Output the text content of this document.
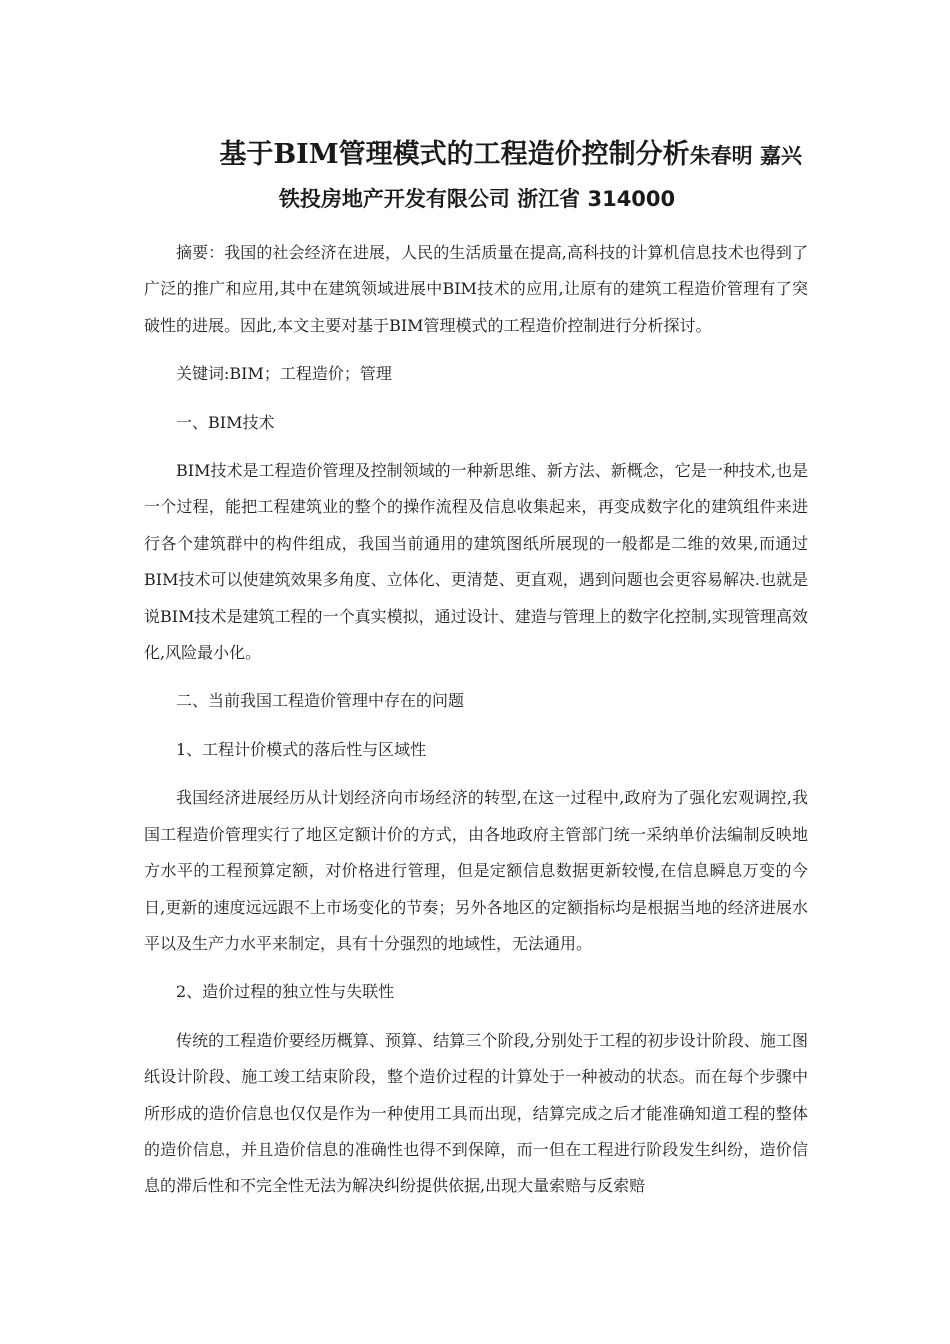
基于BIM管理模式的工程造价控制分析朱春明 嘉兴
铁投房地产开发有限公司 浙江省 314000

摘要：我国的社会经济在进展，人民的生活质量在提高,高科技的计算机信息技术也得到了广泛的推广和应用,其中在建筑领域进展中BIM技术的应用,让原有的建筑工程造价管理有了突破性的进展。因此,本文主要对基于BIM管理模式的工程造价控制进行分析探讨。

关键词:BIM；工程造价；管理

一、BIM技术

BIM技术是工程造价管理及控制领域的一种新思维、新方法、新概念，它是一种技术,也是一个过程，能把工程建筑业的整个的操作流程及信息收集起来，再变成数字化的建筑组件来进行各个建筑群中的构件组成，我国当前通用的建筑图纸所展现的一般都是二维的效果,而通过BIM技术可以使建筑效果多角度、立体化、更清楚、更直观，遇到问题也会更容易解决.也就是说BIM技术是建筑工程的一个真实模拟，通过设计、建造与管理上的数字化控制,实现管理高效化,风险最小化。

二、当前我国工程造价管理中存在的问题

1、工程计价模式的落后性与区域性

我国经济进展经历从计划经济向市场经济的转型,在这一过程中,政府为了强化宏观调控,我国工程造价管理实行了地区定额计价的方式，由各地政府主管部门统一采纳单价法编制反映地方水平的工程预算定额，对价格进行管理，但是定额信息数据更新较慢,在信息瞬息万变的今日,更新的速度远远跟不上市场变化的节奏；另外各地区的定额指标均是根据当地的经济进展水平以及生产力水平来制定，具有十分强烈的地域性，无法通用。

2、造价过程的独立性与失联性

传统的工程造价要经历概算、预算、结算三个阶段,分别处于工程的初步设计阶段、施工图纸设计阶段、施工竣工结束阶段，整个造价过程的计算处于一种被动的状态。而在每个步骤中所形成的造价信息也仅仅是作为一种使用工具而出现，结算完成之后才能准确知道工程的整体的造价信息，并且造价信息的准确性也得不到保障，而一但在工程进行阶段发生纠纷，造价信息的滞后性和不完全性无法为解决纠纷提供依据,出现大量索赔与反索赔
